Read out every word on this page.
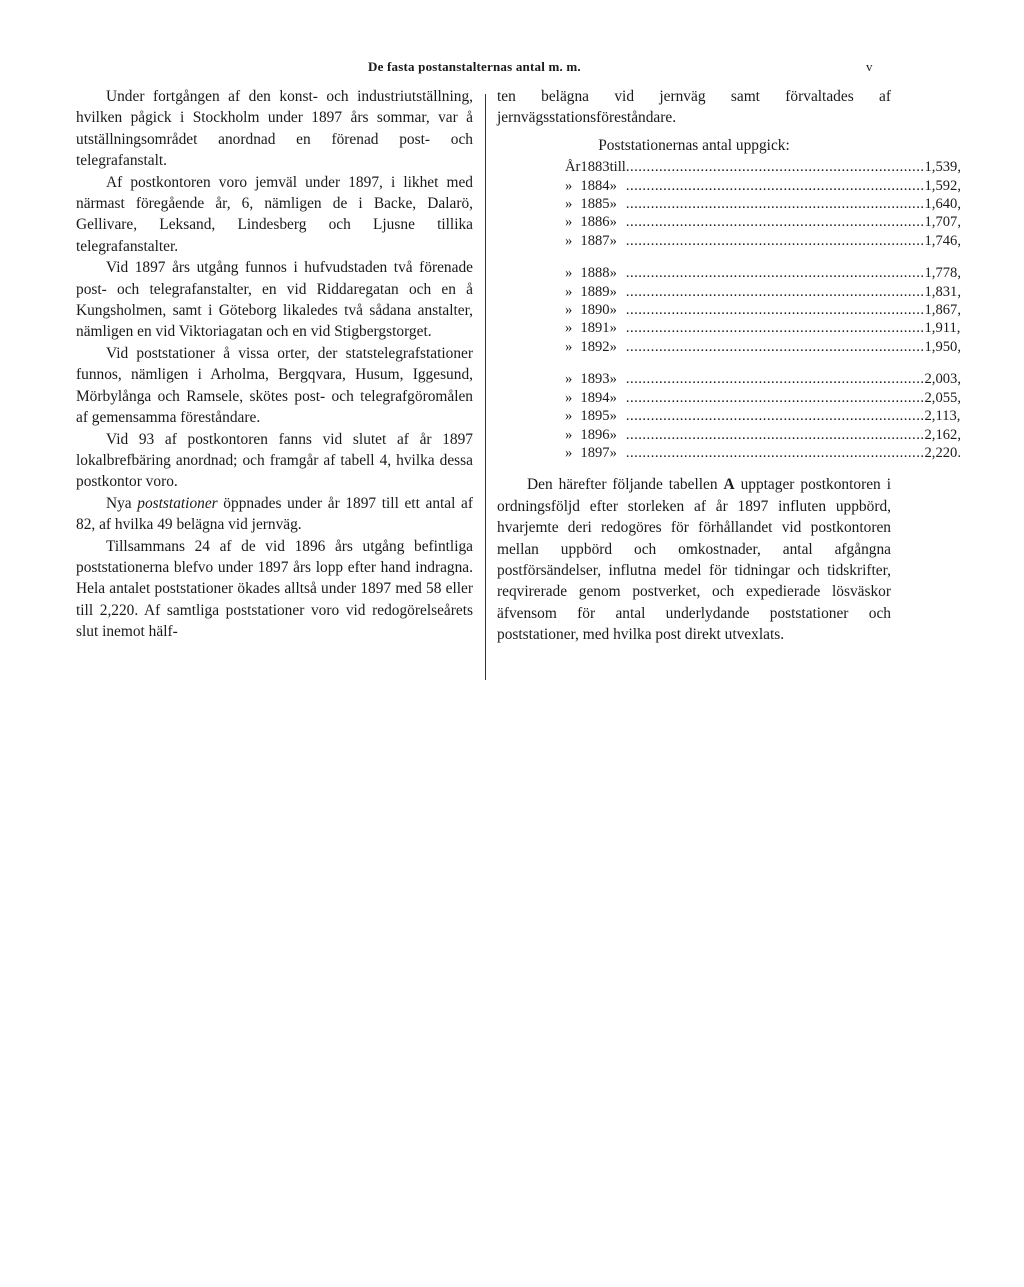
De fasta postanstalternas antal m. m.	v

Under fortgången af den konst- och industriutställning, hvilken pågick i Stockholm under 1897 års sommar, var å utställningsområdet anordnad en förenad post- och telegrafanstalt.

Af postkontoren voro jemväl under 1897, i likhet med närmast föregående år, 6, nämligen de i Backe, Dalarö, Gellivare, Leksand, Lindesberg och Ljusne tillika telegrafanstalter.

Vid 1897 års utgång funnos i hufvudstaden två förenade post- och telegrafanstalter, en vid Riddaregatan och en å Kungsholmen, samt i Göteborg likaledes två sådana anstalter, nämligen en vid Viktoriagatan och en vid Stigbergstorget.

Vid poststationer å vissa orter, der statstelegrafstationer funnos, nämligen i Arholma, Bergqvara, Husum, Iggesund, Mörbylånga och Ramsele, skötes post- och telegrafgöromålen af gemensamma föreståndare.

Vid 93 af postkontoren fanns vid slutet af år 1897 lokalbrefbäring anordnad; och framgår af tabell 4, hvilka dessa postkontor voro.

Nya poststationer öppnades under år 1897 till ett antal af 82, af hvilka 49 belägna vid jernväg.

Tillsammans 24 af de vid 1896 års utgång befintliga poststationerna blefvo under 1897 års lopp efter hand indragna. Hela antalet poststationer ökades alltså under 1897 med 58 eller till 2,220. Af samtliga poststationer voro vid redogörelseårets slut inemot hälf-

ten belägna vid jernväg samt förvaltades af jernvägsstationsföreståndare.

Poststationernas antal uppgick:

År	1883	till	........................................................................	1,539,
»	1884	»	........................................................................	1,592,
»	1885	»	........................................................................	1,640,
»	1886	»	........................................................................	1,707,
»	1887	»	........................................................................	1,746,

»	1888	»	........................................................................	1,778,
»	1889	»	........................................................................	1,831,
»	1890	»	........................................................................	1,867,
»	1891	»	........................................................................	1,911,
»	1892	»	........................................................................	1,950,

»	1893	»	........................................................................	2,003,
»	1894	»	........................................................................	2,055,
»	1895	»	........................................................................	2,113,
»	1896	»	........................................................................	2,162,
»	1897	»	........................................................................	2,220.

Den härefter följande tabellen A upptager postkontoren i ordningsföljd efter storleken af år 1897 influten uppbörd, hvarjemte deri redogöres för förhållandet vid postkontoren mellan uppbörd och omkostnader, antal afgångna postförsändelser, influtna medel för tidningar och tidskrifter, reqvirerade genom postverket, och expedierade lösväskor äfvensom för antal underlydande poststationer och poststationer, med hvilka post direkt utvexlats.
